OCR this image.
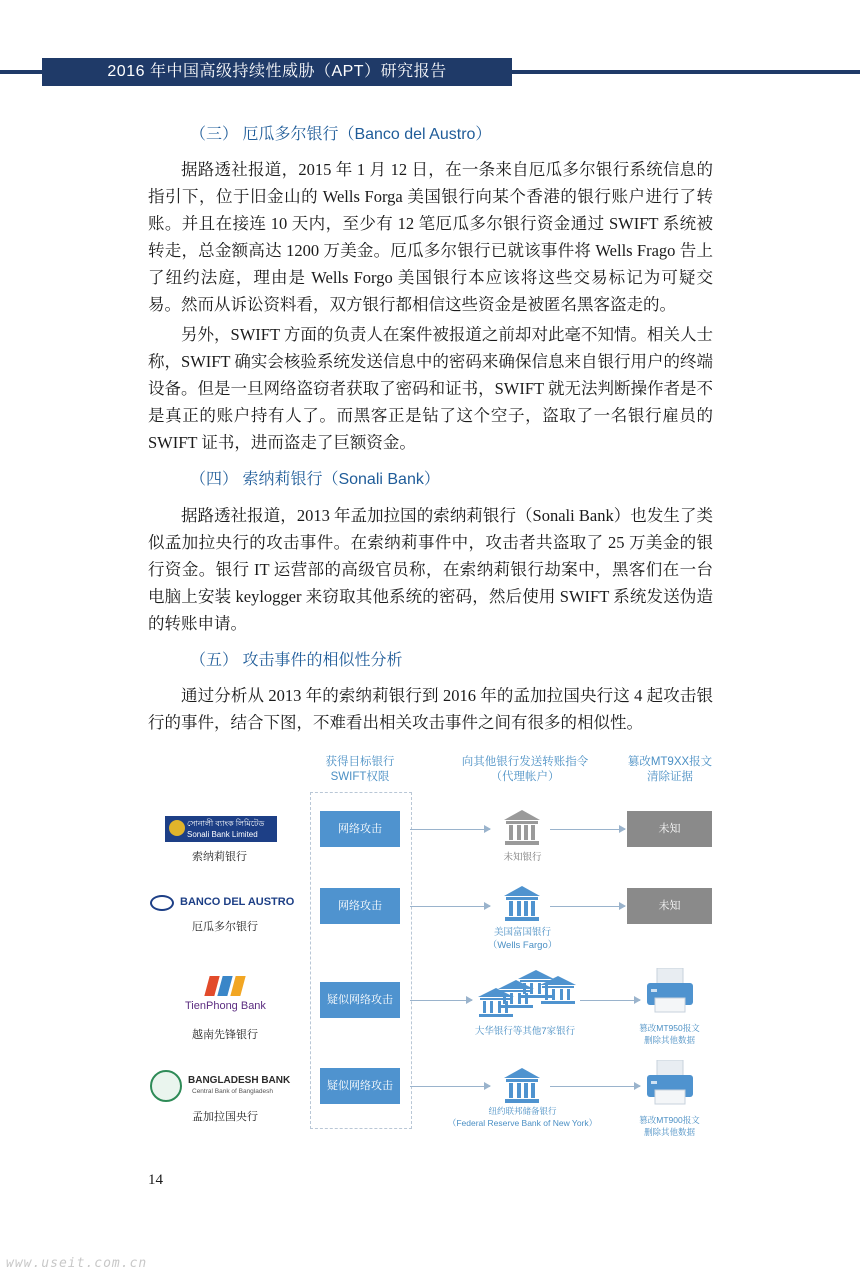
2016 年中国高级持续性威胁（APT）研究报告
（三） 厄瓜多尔银行（Banco del Austro）

据路透社报道，2015 年 1 月 12 日，在一条来自厄瓜多尔银行系统信息的指引下，位于旧金山的 Wells Forga 美国银行向某个香港的银行账户进行了转账。并且在接连 10 天内，至少有 12 笔厄瓜多尔银行资金通过 SWIFT 系统被转走，总金额高达 1200 万美金。厄瓜多尔银行已就该事件将 Wells Frago 告上了纽约法庭，理由是 Wells Forgo 美国银行本应该将这些交易标记为可疑交易。然而从诉讼资料看，双方银行都相信这些资金是被匿名黑客盗走的。

另外，SWIFT 方面的负责人在案件被报道之前却对此毫不知情。相关人士称，SWIFT 确实会核验系统发送信息中的密码来确保信息来自银行用户的终端设备。但是一旦网络盗窃者获取了密码和证书，SWIFT 就无法判断操作者是不是真正的账户持有人了。而黑客正是钻了这个空子，盗取了一名银行雇员的 SWIFT 证书，进而盗走了巨额资金。

（四） 索纳莉银行（Sonali Bank）

据路透社报道，2013 年孟加拉国的索纳莉银行（Sonali Bank）也发生了类似孟加拉央行的攻击事件。在索纳莉事件中，攻击者共盗取了 25 万美金的银行资金。银行 IT 运营部的高级官员称，在索纳莉银行劫案中，黑客们在一台电脑上安装 keylogger 来窃取其他系统的密码，然后使用 SWIFT 系统发送伪造的转账申请。

（五） 攻击事件的相似性分析

通过分析从 2013 年的索纳莉银行到 2016 年的孟加拉国央行这 4 起攻击银行的事件，结合下图，不难看出相关攻击事件之间有很多的相似性。

获得目标银行
SWIFT权限
向其他银行发送转账指令
（代理帐户）
篡改MT9XX报文
清除证据
সোনালী ব্যাংক লিমিটেড
Sonali Bank Limited
索纳莉银行
网络攻击
未知银行
未知
BANCO DEL AUSTRO
厄瓜多尔银行
网络攻击
美国富国银行
（Wells Fargo）
未知
TienPhong Bank
越南先锋银行
疑似网络攻击
大华银行等其他7家银行	篡改MT950报文
删除其他数据
BANGLADESH BANK
Central Bank of Bangladesh
孟加拉国央行
疑似网络攻击
纽约联邦储备银行
（Federal Reserve Bank of New York）	篡改MT900报文
删除其他数据
14
www.useit.com.cn
